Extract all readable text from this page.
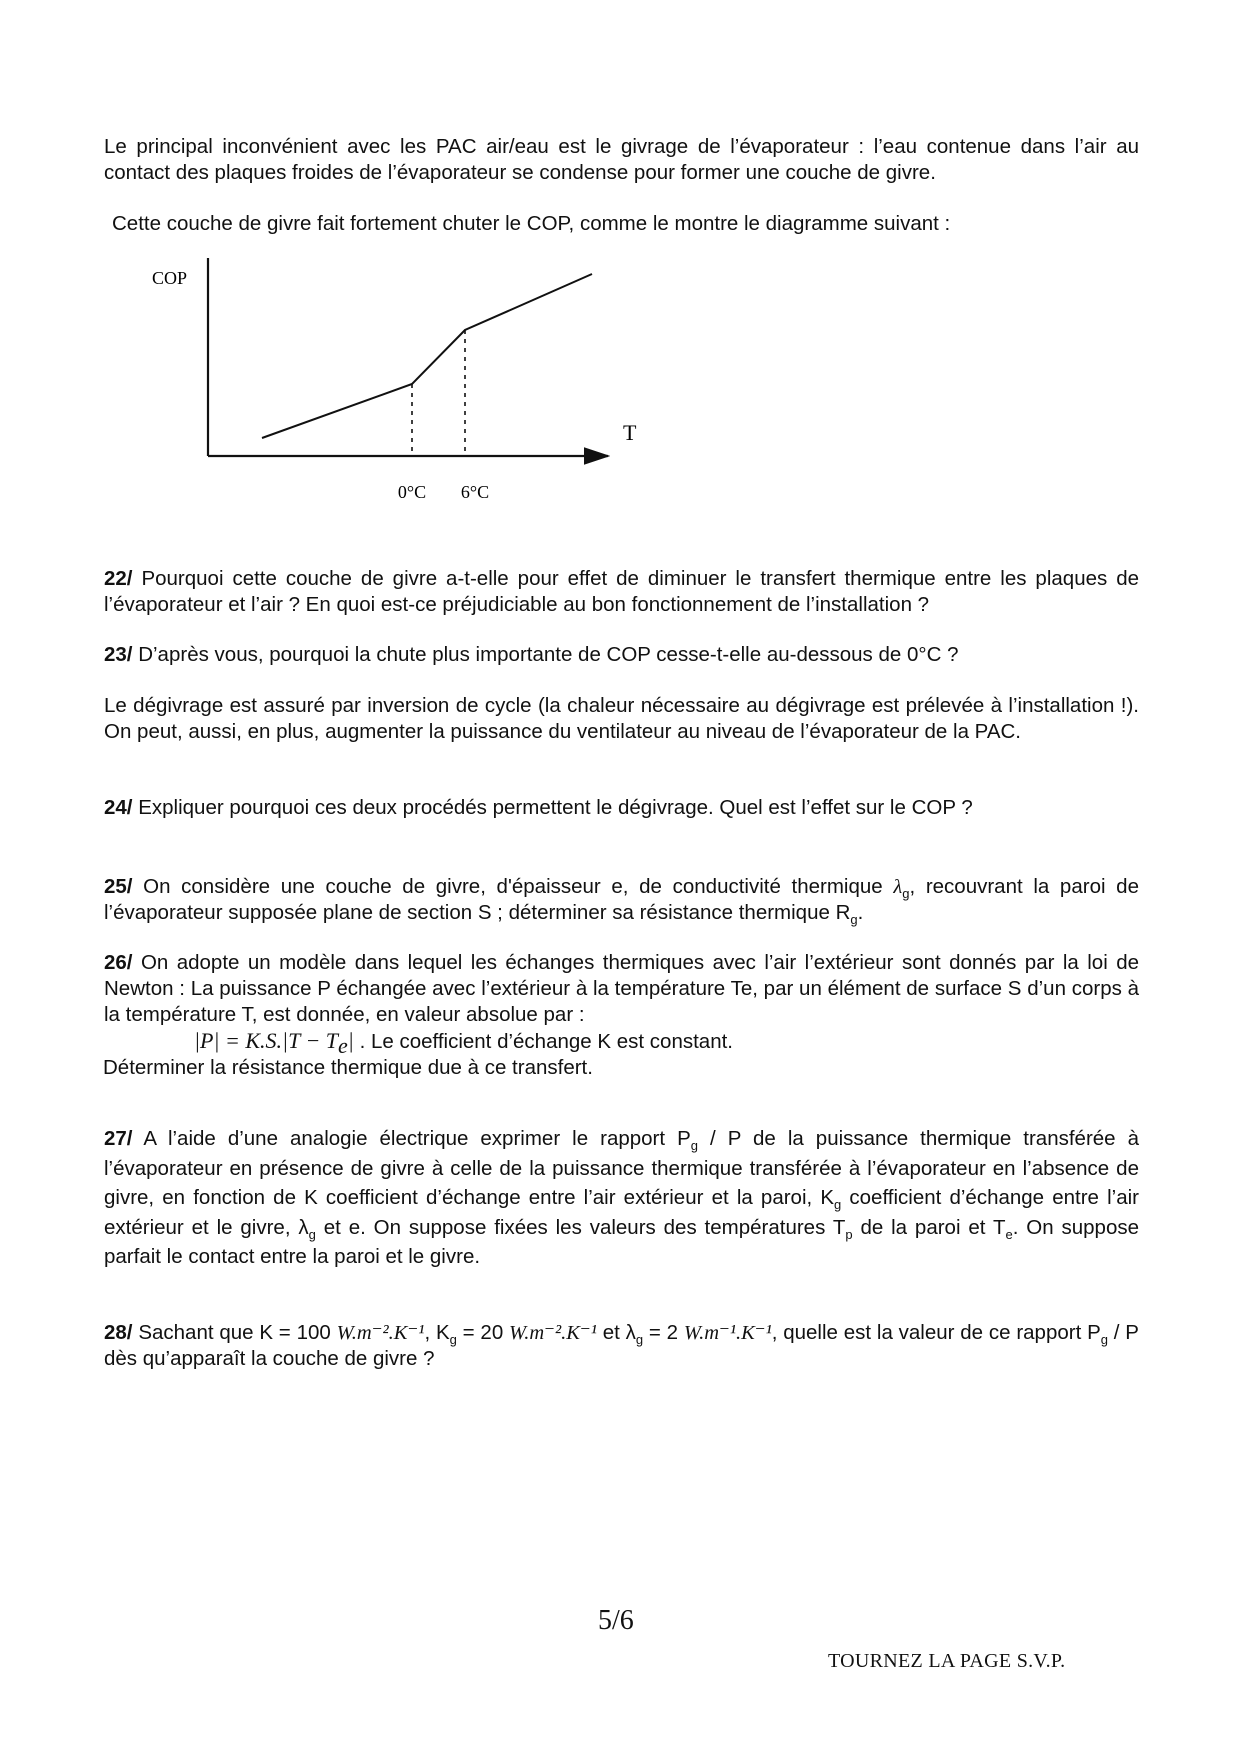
Le principal inconvénient avec les PAC air/eau est le givrage de l’évaporateur : l’eau contenue dans l’air au contact des plaques froides de l’évaporateur se condense pour former une couche de givre.
Cette couche de givre fait fortement chuter le COP, comme le montre le diagramme suivant :
COP
T
0°C 6°C
22/ Pourquoi cette couche de givre a-t-elle pour effet de diminuer le transfert thermique entre les plaques de l’évaporateur et l’air ? En quoi est-ce préjudiciable au bon fonctionnement de l’installation ?
23/ D’après vous, pourquoi la chute plus importante de COP cesse-t-elle au-dessous de 0°C ?
Le dégivrage est assuré par inversion de cycle (la chaleur nécessaire au dégivrage est prélevée à l’installation !). On peut, aussi, en plus, augmenter la puissance du ventilateur au niveau de l’évaporateur de la PAC.
24/ Expliquer pourquoi ces deux procédés permettent le dégivrage. Quel est l’effet sur le COP ?
25/ On considère une couche de givre, d'épaisseur e, de conductivité thermique $\lambda_g$, recouvrant la paroi de l’évaporateur supposée plane de section S ; déterminer sa résistance thermique $R_g$.
26/ On adopte un modèle dans lequel les échanges thermiques avec l’air l’extérieur sont donnés par la loi de Newton : La puissance P échangée avec l’extérieur à la température Te, par un élément de surface S d’un corps à la température T, est donnée, en valeur absolue par :
$|P| = K.S.|T - T_e|$ . Le coefficient d’échange K est constant.
Déterminer la résistance thermique due à ce transfert.
27/ A l’aide d’une analogie électrique exprimer le rapport $P_g$ / P de la puissance thermique transférée à l’évaporateur en présence de givre à celle de la puissance thermique transférée à l’évaporateur en l’absence de givre, en fonction de K coefficient d’échange entre l’air extérieur et la paroi, $K_g$ coefficient d’échange entre l’air extérieur et le givre, $\lambda_g$ et e. On suppose fixées les valeurs des températures $T_p$ de la paroi et $T_e$. On suppose parfait le contact entre la paroi et le givre.
28/ Sachant que K = 100 W.m⁻².K⁻¹, $K_g = 20$ W.m⁻².K⁻¹ et $\lambda_g = 2$ W.m⁻¹.K⁻¹, quelle est la valeur de ce rapport $P_g$ / P dès qu’apparaît la couche de givre ?
5/6
TOURNEZ LA PAGE S.V.P.
